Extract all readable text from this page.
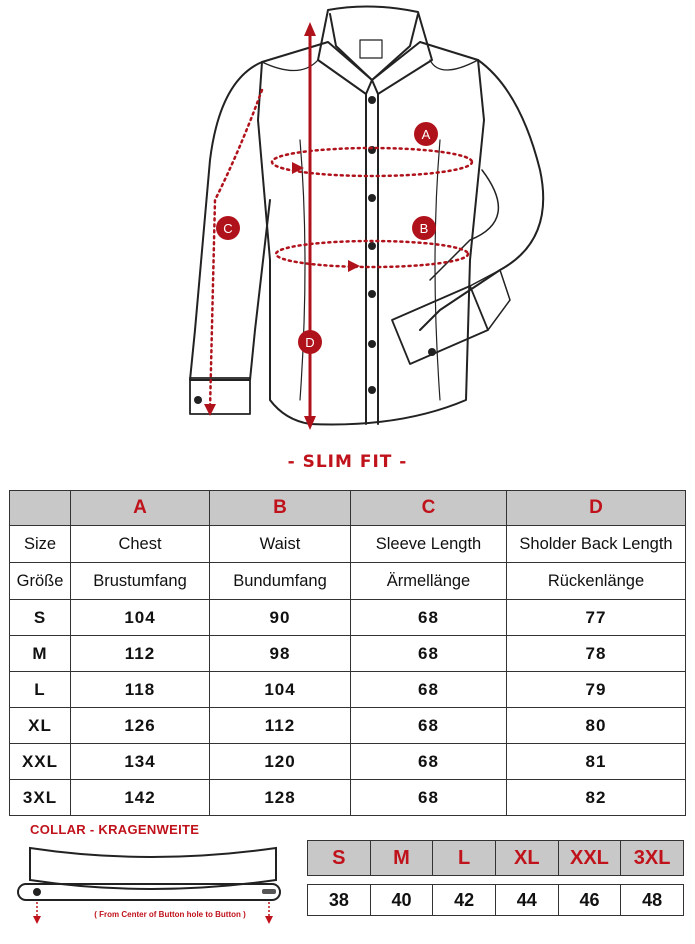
A
B
C
D
- SLIM FIT -
	A	B	C	D
Size	Chest	Waist	Sleeve Length	Sholder Back Length
Größe	Brustumfang	Bundumfang	Ärmellänge	Rückenlänge
S	104	90	68	77
M	112	98	68	78
L	118	104	68	79
XL	126	112	68	80
XXL	134	120	68	81
3XL	142	128	68	82
COLLAR - KRAGENWEITE
( From Center of Button hole to Button )
S	M	L	XL	XXL	3XL

38	40	42	44	46	48
